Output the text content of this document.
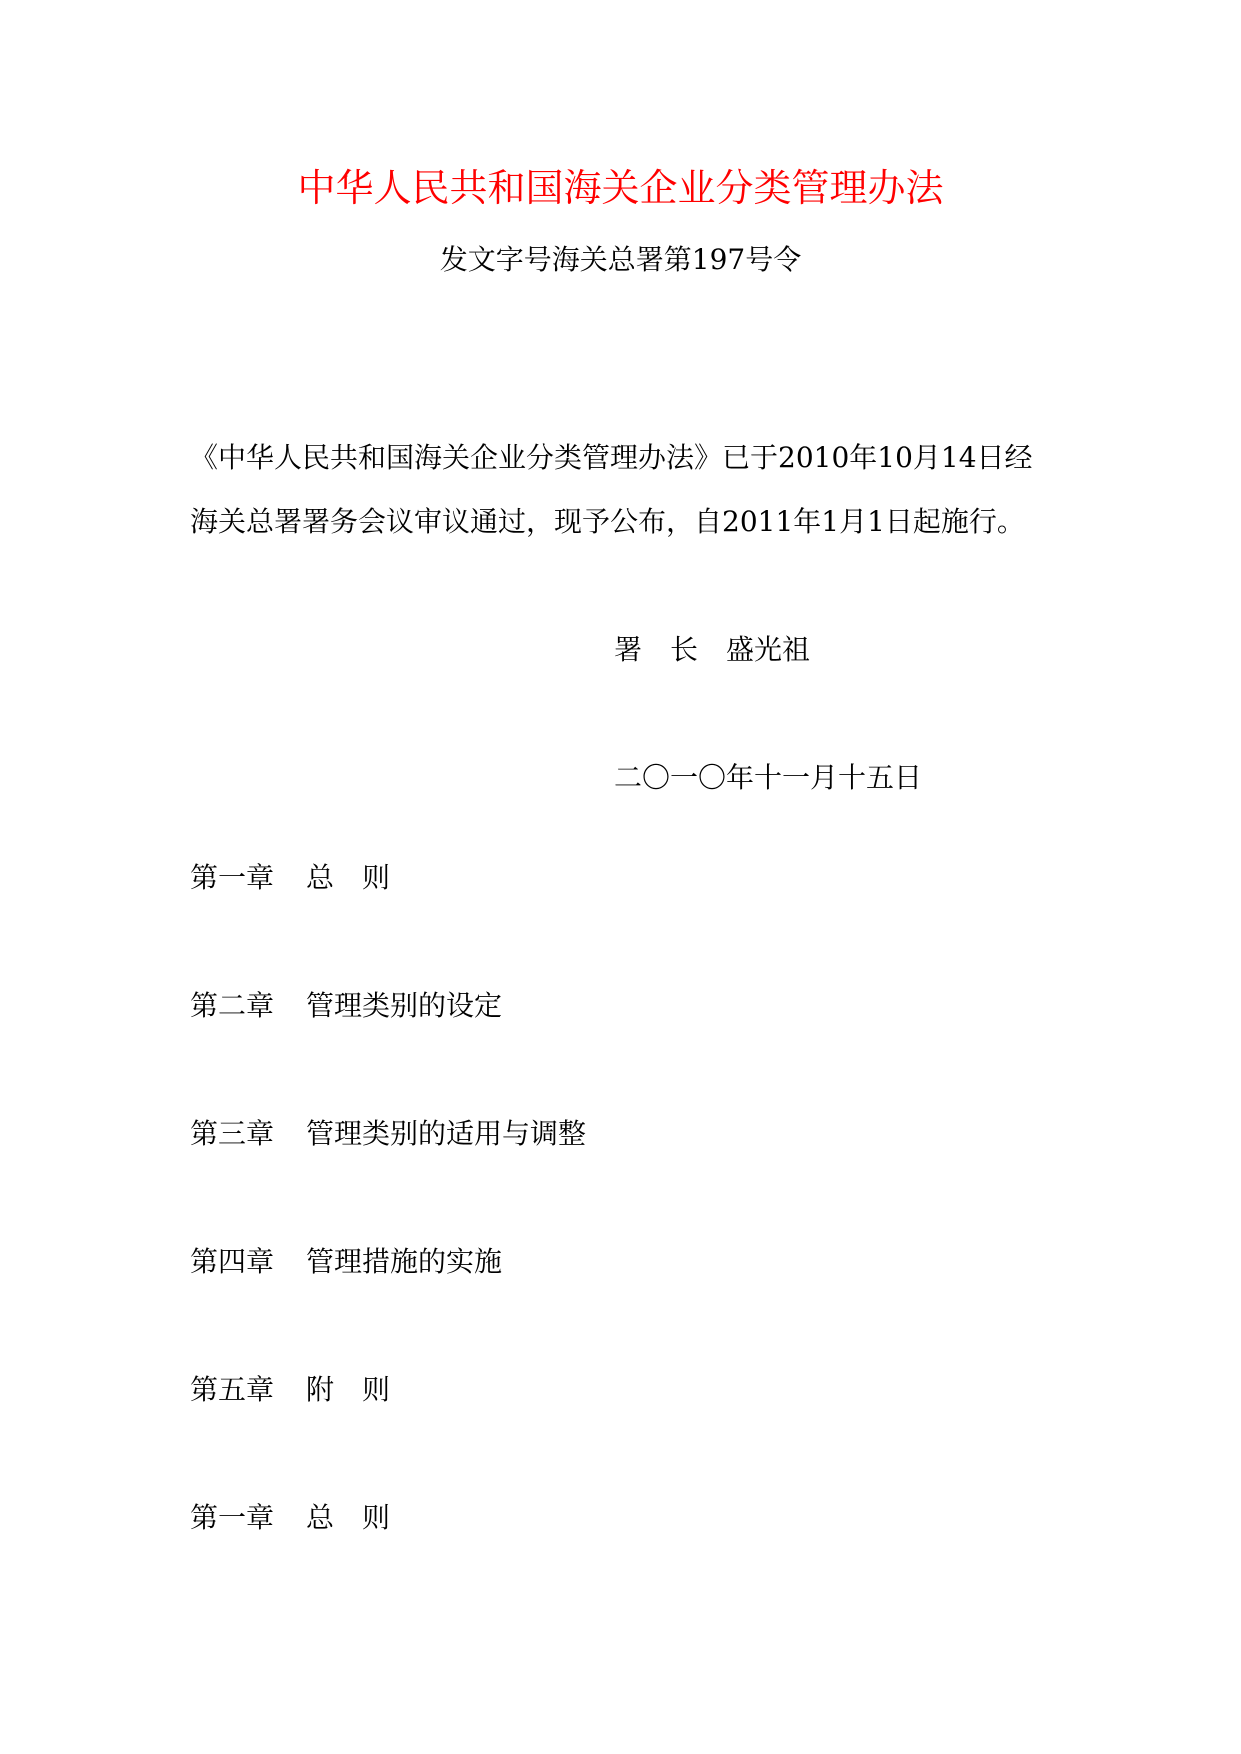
中华人民共和国海关企业分类管理办法
发文字号海关总署第197号令
《中华人民共和国海关企业分类管理办法》已于2010年10月14日经
海关总署署务会议审议通过，现予公布，自2011年1月1日起施行。
署长盛光祖
二〇一〇年十一月十五日
第一章 总则
第二章 管理类别的设定
第三章 管理类别的适用与调整
第四章 管理措施的实施
第五章 附则
第一章 总则
